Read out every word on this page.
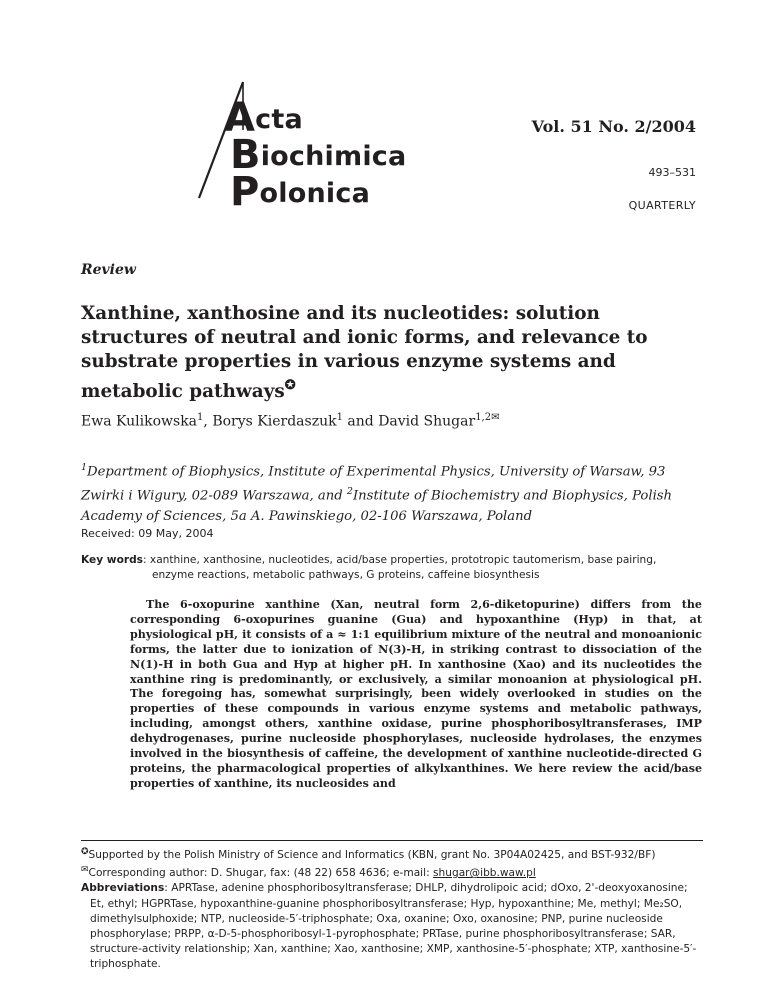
Acta
Biochimica
Polonica
Vol. 51 No. 2/2004
493–531
QUARTERLY
Review
Xanthine, xanthosine and its nucleotides: solution structures of neutral and ionic forms, and relevance to substrate properties in various enzyme systems and metabolic pathways✪
Ewa Kulikowska$^1$, Borys Kierdaszuk$^1$ and David Shugar$^{1,2✉}$
$^1$Department of Biophysics, Institute of Experimental Physics, University of Warsaw, 93 Zwirki i Wigury, 02-089 Warszawa, and $^2$Institute of Biochemistry and Biophysics, Polish Academy of Sciences, 5a A. Pawinskiego, 02-106 Warszawa, Poland
Received: 09 May, 2004
Key words: xanthine, xanthosine, nucleotides, acid/base properties, prototropic tautomerism, base pairing,
enzyme reactions, metabolic pathways, G proteins, caffeine biosynthesis

The 6-oxopurine xanthine (Xan, neutral form 2,6-diketopurine) differs from the corresponding 6-oxopurines guanine (Gua) and hypoxanthine (Hyp) in that, at physiological pH, it consists of a ≈ 1:1 equilibrium mixture of the neutral and monoanionic forms, the latter due to ionization of N(3)-H, in striking contrast to dissociation of the N(1)-H in both Gua and Hyp at higher pH. In xanthosine (Xao) and its nucleotides the xanthine ring is predominantly, or exclusively, a similar monoanion at physiological pH. The foregoing has, somewhat surprisingly, been widely overlooked in studies on the properties of these compounds in various enzyme systems and metabolic pathways, including, amongst others, xanthine oxidase, purine phosphoribosyltransferases, IMP dehydrogenases, purine nucleoside phosphorylases, nucleoside hydrolases, the enzymes involved in the biosynthesis of caffeine, the development of xanthine nucleotide-directed G proteins, the pharmacological properties of alkylxanthines. We here review the acid/base properties of xanthine, its nucleosides and

✪Supported by the Polish Ministry of Science and Informatics (KBN, grant No. 3P04A02425, and BST-932/BF)

✉Corresponding author: D. Shugar, fax: (48 22) 658 4636; e-mail: shugar@ibb.waw.pl

Abbreviations: APRTase, adenine phosphoribosyltransferase; DHLP, dihydrolipoic acid; dOxo, 2'-deoxyoxanosine; Et, ethyl; HGPRTase, hypoxanthine-guanine phosphoribosyltransferase; Hyp, hypoxanthine; Me, methyl; Me₂SO, dimethylsulphoxide; NTP, nucleoside-5′-triphosphate; Oxa, oxanine; Oxo, oxanosine; PNP, purine nucleoside phosphorylase; PRPP, α-D-5-phosphoribosyl-1-pyrophosphate; PRTase, purine phosphoribosyltransferase; SAR, structure-activity relationship; Xan, xanthine; Xao, xanthosine; XMP, xanthosine-5′-phosphate; XTP, xanthosine-5′-triphosphate.
